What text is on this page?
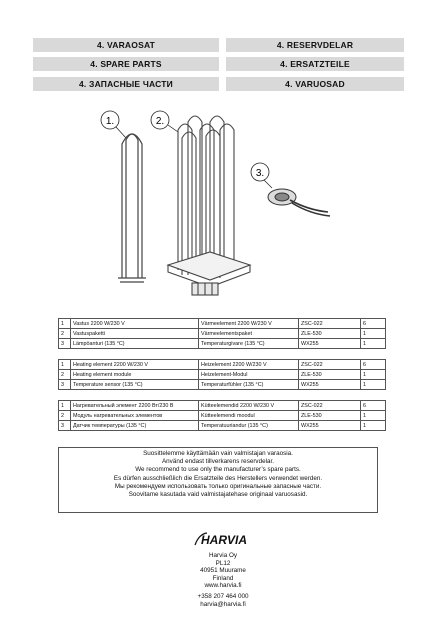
4. VARAOSAT	4. RESERVDELAR
4. SPARE PARTS	4. ERSATZTEILE
4. ЗАПАСНЫЕ ЧАСТИ	4. VARUOSAD
1.	2.
3.
1	Vastus 2200 W/230 V	Värmeelement 2200 W/230 V	ZSC-022	6
2	Vastuspaketti	Värmeelementspaket	ZLE-530	1
3	Lämpöanturi (135 °C)	Temperaturgivare (135 °C)	WX255	1
1	Heating element 2200 W/230 V	Heizelement 2200 W/230 V	ZSC-022	6
2	Heating element module	Heizelement-Modul	ZLE-530	1
3	Temperature sensor (135 °C)	Temperaturfühler (135 °C)	WX255	1
1	Нагревательный элемент 2200 Вт/230 В	Kütteelemendid 2200 W/230 V	ZSC-022	6
2	Модуль нагревательных элементов	Kütteelemendi moodul	ZLE-530	1
3	Датчик температуры (135 °C)	Temperatuuriandur (135 °C)	WX255	1
Suosittelemme käyttämään vain valmistajan varaosia.
Använd endast tillverkarens reservdelar.
We recommend to use only the manufacturer’s spare parts.
Es dürfen ausschließlich die Ersatzteile des Herstellers verwendet werden.
Мы рекомендуем использовать только оригинальные запасные части.
Soovitame kasutada vaid valmistajatehase originaal varuosasid.
HARVIA
Harvia Oy
PL12
40951 Muurame
Finland
www.harvia.fi
+358 207 464 000
harvia@harvia.fi
